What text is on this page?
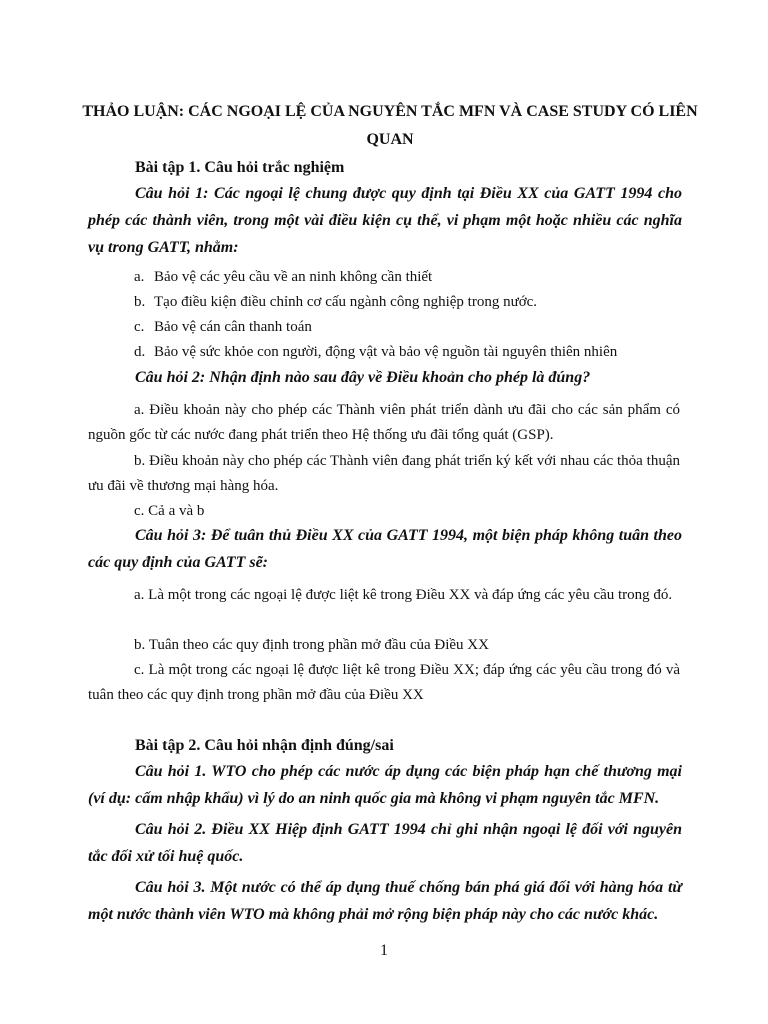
THẢO LUẬN: CÁC NGOẠI LỆ CỦA NGUYÊN TẮC MFN VÀ CASE STUDY CÓ LIÊN QUAN
Bài tập 1. Câu hỏi trắc nghiệm
Câu hỏi 1: Các ngoại lệ chung được quy định tại Điều XX của GATT 1994 cho phép các thành viên, trong một vài điều kiện cụ thể, vi phạm một hoặc nhiều các nghĩa vụ trong GATT, nhằm:
a. Bảo vệ các yêu cầu về an ninh không cần thiết
b. Tạo điều kiện điều chỉnh cơ cấu ngành công nghiệp trong nước.
c. Bảo vệ cán cân thanh toán
d. Bảo vệ sức khỏe con người, động vật và bảo vệ nguồn tài nguyên thiên nhiên
Câu hỏi 2: Nhận định nào sau đây về Điều khoản cho phép là đúng?
a. Điều khoản này cho phép các Thành viên phát triển dành ưu đãi cho các sản phẩm có nguồn gốc từ các nước đang phát triển theo Hệ thống ưu đãi tổng quát (GSP).
b. Điều khoản này cho phép các Thành viên đang phát triển ký kết với nhau các thỏa thuận ưu đãi về thương mại hàng hóa.
c. Cả a và b
Câu hỏi 3: Để tuân thủ Điều XX của GATT 1994, một biện pháp không tuân theo các quy định của GATT sẽ:
a. Là một trong các ngoại lệ được liệt kê trong Điều XX và đáp ứng các yêu cầu trong đó.
b. Tuân theo các quy định trong phần mở đầu của Điều XX
c. Là một trong các ngoại lệ được liệt kê trong Điều XX; đáp ứng các yêu cầu trong đó và tuân theo các quy định trong phần mở đầu của Điều XX
Bài tập 2. Câu hỏi nhận định đúng/sai
Câu hỏi 1. WTO cho phép các nước áp dụng các biện pháp hạn chế thương mại (ví dụ: cấm nhập khẩu) vì lý do an ninh quốc gia mà không vi phạm nguyên tắc MFN.
Câu hỏi 2. Điều XX Hiệp định GATT 1994 chỉ ghi nhận ngoại lệ đối với nguyên tắc đối xử tối huệ quốc.
Câu hỏi 3. Một nước có thể áp dụng thuế chống bán phá giá đối với hàng hóa từ một nước thành viên WTO mà không phải mở rộng biện pháp này cho các nước khác.
1
